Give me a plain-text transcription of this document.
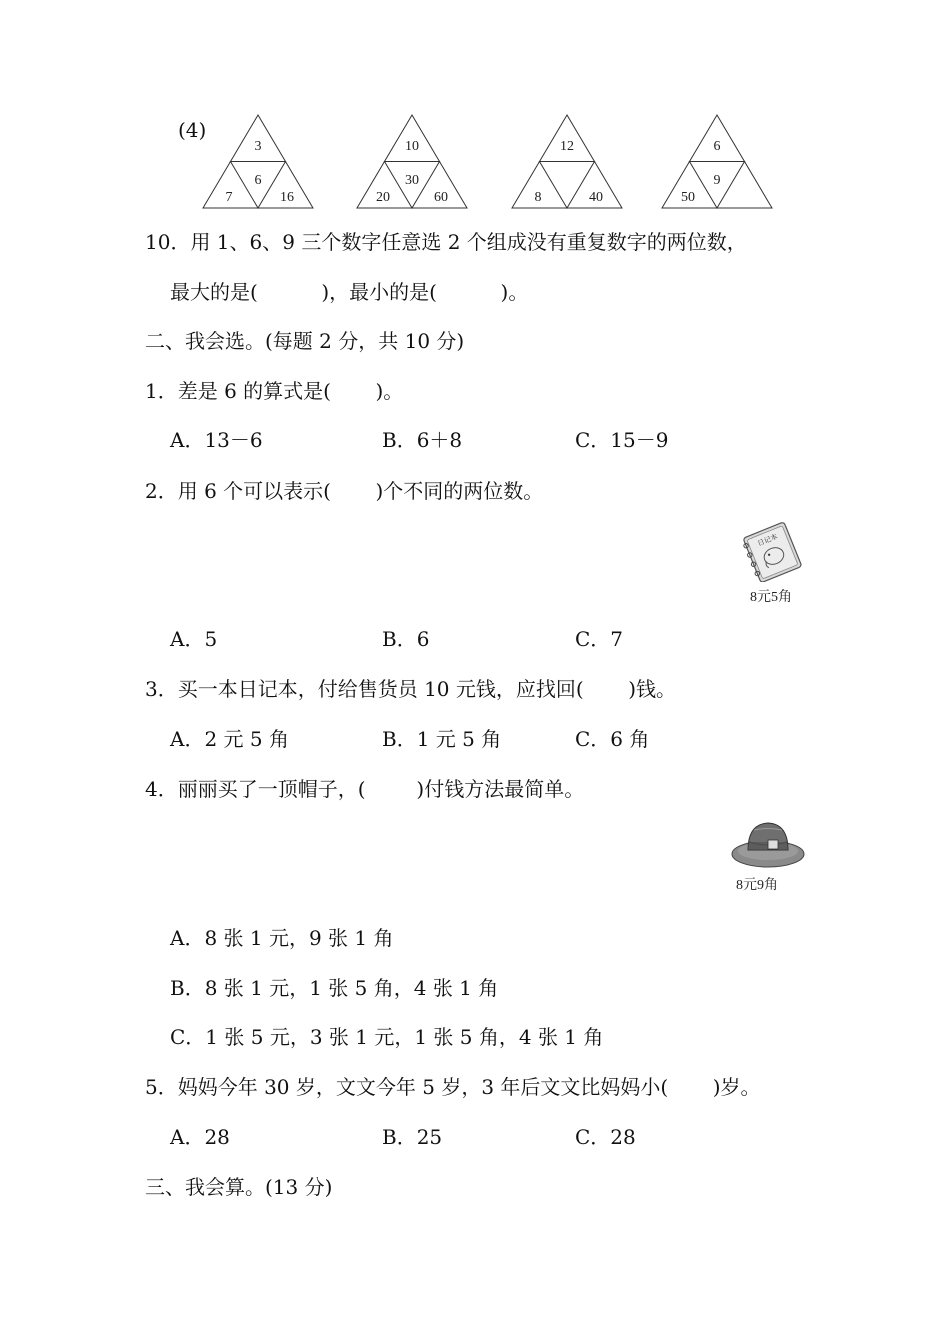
(4)
3
6
7	16
10
30
20	60
12
8	40
6
9
50
10．用 1、6、9 三个数字任意选 2 个组成没有重复数字的两位数，
最大的是(          )，最小的是(          )。
二、我会选。(每题 2 分，共 10 分)
1．差是 6 的算式是(       )。
A．13－6	B．6＋8	C．15－9
2．用 6 个可以表示(       )个不同的两位数。
日记本
8元5角
A．5	B．6	C．7
3．买一本日记本，付给售货员 10 元钱，应找回(       )钱。
A．2 元 5 角	B．1 元 5 角	C．6 角
4．丽丽买了一顶帽子，(        )付钱方法最简单。
8元9角
A．8 张 1 元，9 张 1 角
B．8 张 1 元，1 张 5 角，4 张 1 角
C．1 张 5 元，3 张 1 元，1 张 5 角，4 张 1 角
5．妈妈今年 30 岁，文文今年 5 岁，3 年后文文比妈妈小(       )岁。
A．28	B．25	C．28
三、我会算。(13 分)
